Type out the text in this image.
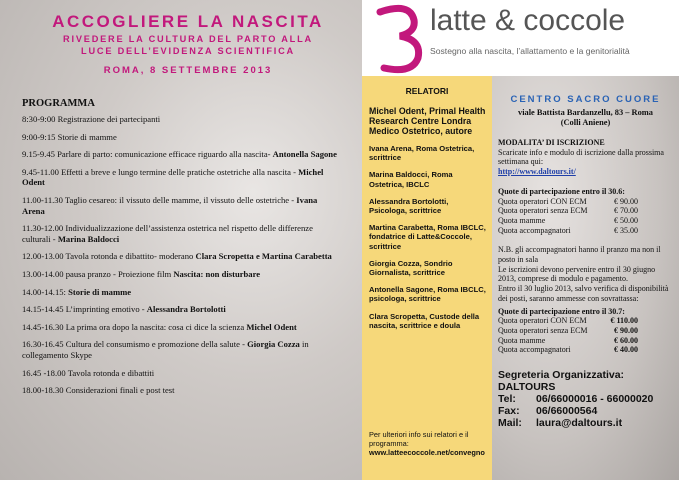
ACCOGLIERE LA NASCITA
RIVEDERE LA CULTURA DEL PARTO ALLA
LUCE DELL’EVIDENZA SCIENTIFICA
ROMA, 8 SETTEMBRE 2013
PROGRAMMA
8:30-9:00 Registrazione dei partecipanti
9:00-9:15 Storie di mamme
9.15-9.45 Parlare di parto: comunicazione efficace riguardo alla nascita- Antonella Sagone
9.45-11.00 Effetti a breve e lungo termine delle pratiche ostetriche alla nascita - Michel Odent
11.00-11.30 Taglio cesareo: il vissuto delle mamme, il vissuto delle ostetriche - Ivana Arena
11.30-12.00 Individualizzazione dell’assistenza ostetrica nel rispetto delle differenze culturali - Marina Baldocci
12.00-13.00 Tavola rotonda e dibattito- moderano Clara Scropetta e Martina Carabetta
13.00-14.00 pausa pranzo - Proiezione film Nascita: non disturbare
14.00-14.15: Storie di mamme
14.15-14.45 L’imprinting emotivo - Alessandra Bortolotti
14.45-16.30 La prima ora dopo la nascita: cosa ci dice la scienza Michel Odent
16.30-16.45 Cultura del consumismo e promozione della salute - Giorgia Cozza in collegamento Skype
16.45 -18.00 Tavola rotonda e dibattiti
18.00-18.30 Considerazioni finali e post test
latte & coccole
Sostegno alla nascita, l’allattamento e la genitorialità
RELATORI
Michel Odent, Primal Health Research Centre Londra Medico Ostetrico, autore
Ivana Arena, Roma Ostetrica, scrittrice
Marina Baldocci, Roma Ostetrica, IBCLC
Alessandra Bortolotti, Psicologa, scrittrice
Martina Carabetta, Roma IBCLC, fondatrice di Latte&Coccole, scrittrice
Giorgia Cozza, Sondrio Giornalista, scrittrice
Antonella Sagone, Roma IBCLC, psicologa, scrittrice
Clara Scropetta, Custode della nascita, scrittrice e doula
Per ulteriori info sui relatori e il programma:
www.latteecoccole.net/convegno
CENTRO SACRO CUORE
viale Battista Bardanzellu, 83 – Roma
(Colli Aniene)
MODALITA’ DI ISCRIZIONE
Scaricate info e modulo di iscrizione dalla prossima settimana qui:
http://www.daltours.it/
Quote di partecipazione entro il 30.6:
Quota operatori CON ECM	€ 90.00
Quota operatori senza ECM	€ 70.00
Quota mamme	€ 50.00
Quota accompagnatori	€ 35.00
N.B. gli accompagnatori hanno il pranzo ma non il posto in sala
Le iscrizioni devono pervenire entro il 30 giugno 2013, comprese di modulo e pagamento.
Entro il 30 luglio 2013, salvo verifica di disponibilità dei posti, saranno ammesse con sovrattassa:
Quote di partecipazione entro il 30.7:
Quota operatori CON ECM	€ 110.00
Quota operatori senza ECM	€ 90.00
Quota mamme	€ 60.00
Quota accompagnatori	€ 40.00
Segreteria Organizzativa:
DALTOURS
Tel:	06/66000016 - 66000020
Fax:	06/66000564
Mail:	laura@daltours.it
